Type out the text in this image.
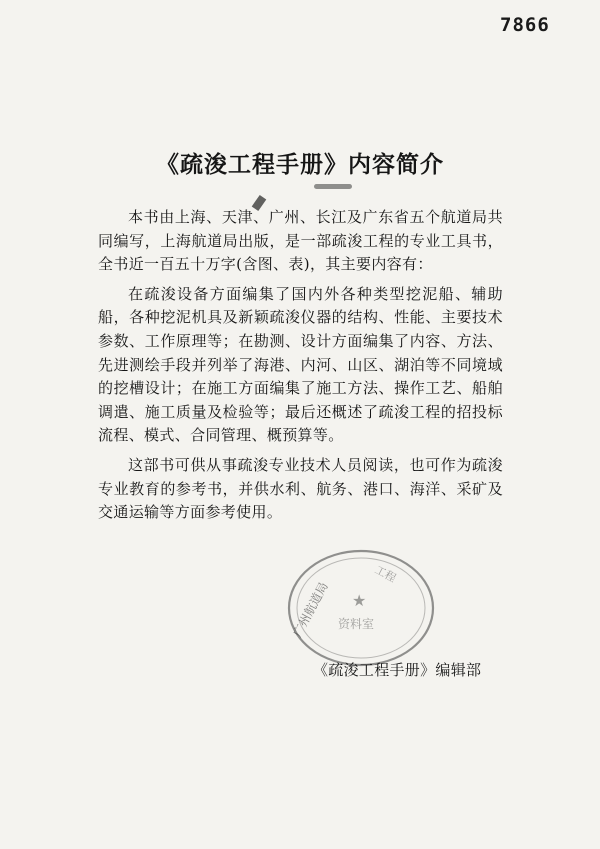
7866
《疏浚工程手册》内容简介

本书由上海、天津、广州、长江及广东省五个航道局共同编写，上海航道局出版，是一部疏浚工程的专业工具书，全书近一百五十万字(含图、表)，其主要内容有：

在疏浚设备方面编集了国内外各种类型挖泥船、辅助船，各种挖泥机具及新颖疏浚仪器的结构、性能、主要技术参数、工作原理等；在勘测、设计方面编集了内容、方法、先进测绘手段并列举了海港、内河、山区、湖泊等不同境域的挖槽设计；在施工方面编集了施工方法、操作工艺、船舶调遣、施工质量及检验等；最后还概述了疏浚工程的招投标流程、模式、合同管理、概预算等。

这部书可供从事疏浚专业技术人员阅读，也可作为疏浚专业教育的参考书，并供水利、航务、港口、海洋、采矿及交通运输等方面参考使用。

广州航道局
工程
资料室
★
《疏浚工程手册》编辑部
